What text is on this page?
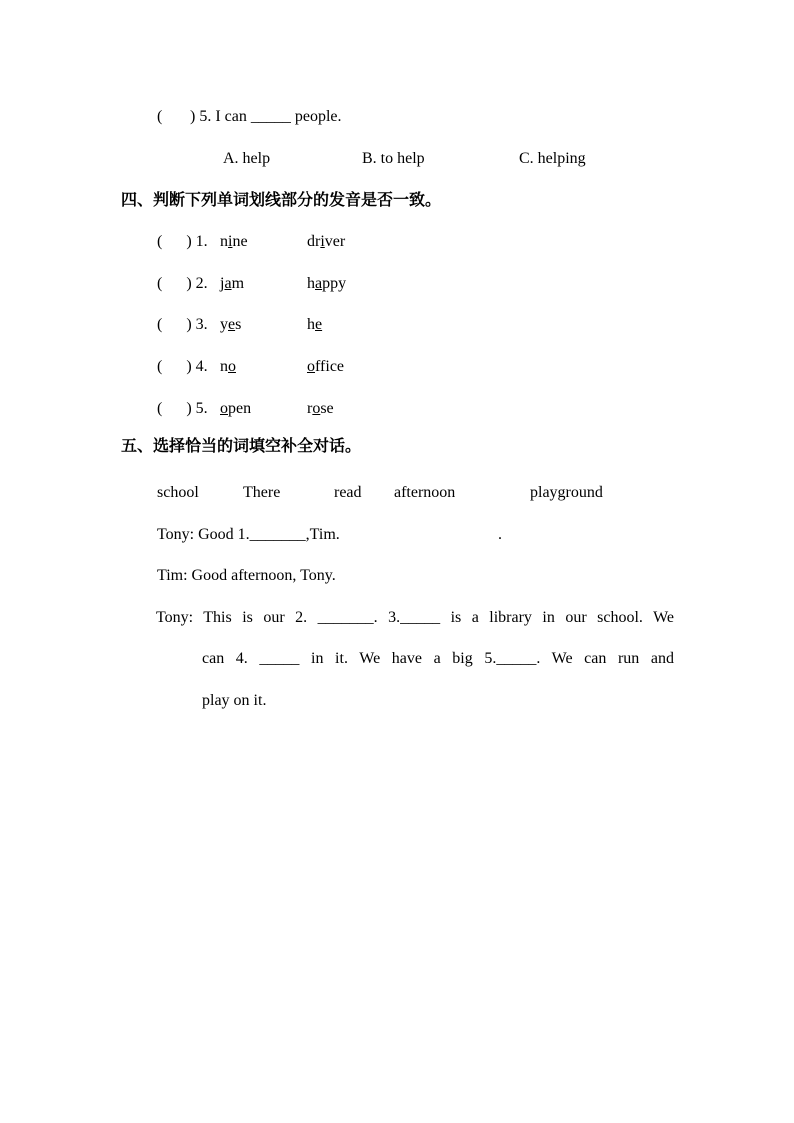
( ) 5. I can _____ people.
A. help	B. to help	C. helping
四、判断下列单词划线部分的发音是否一致。
(      ) 1. nine	driver
(      ) 2. jam	happy
(      ) 3. yes	he
(      ) 4. no	office
(      ) 5. open	rose
五、选择恰当的词填空补全对话。
school	There	read afternoon	playground
Tony: Good 1._______,Tim.	.
Tim: Good afternoon, Tony.
Tony: This is our 2. _______. 3._____ is a library in our school. We
can 4. _____ in it. We have a big 5._____. We can run and
play on it.
